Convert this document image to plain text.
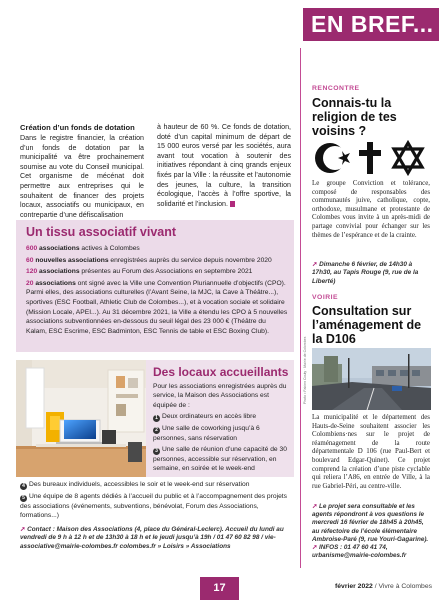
EN BREF...
Création d’un fonds de dotation

Dans le registre financier, la création d’un fonds de dotation par la municipalité va être prochainement soumise au vote du Conseil municipal. Cet organisme de mécénat doit permettre aux entreprises qui le souhaitent de financer des projets locaux, associatifs ou municipaux, en contrepartie d’une défiscalisation

à hauteur de 60 %. Ce fonds de dotation, doté d’un capital minimum de départ de 15 000 euros versé par les sociétés, aura avant tout vocation à soutenir des initiatives répondant à cinq grands enjeux fixés par la Ville : la réussite et l’autonomie des jeunes, la culture, la transition écologique, l’accès à l’offre sportive, la solidarité et l’inclusion.
Un tissu associatif vivant

600 associations actives à Colombes

60 nouvelles associations enregistrées auprès du service depuis novembre 2020

120 associations présentes au Forum des Associations en septembre 2021

20 associations ont signé avec la Ville une Convention Pluriannuelle d’objectifs (CPO). Parmi elles, des associations culturelles (l’Avant Seine, la MJC, la Cave à Théâtre...), sportives (ESC Football, Athletic Club de Colombes...), et à vocation sociale et solidaire (Mission Locale, APEI...). Au 31 décembre 2021, la Ville a étendu les CPO à 5 nouvelles associations subventionnées en-dessous du seuil légal des 23 000 € (Théâtre du Kalam, ESC Escrime, ESC Badminton, ESC Tennis de table et ESC Boxing Club).

Des locaux accueillants

Pour les associations enregistrées auprès du service, la Maison des Associations est équipée de :

1 Deux ordinateurs en accès libre

2 Une salle de coworking jusqu’à 6 personnes, sans réservation

3 Une salle de réunion d’une capacité de 30 personnes, accessible sur réservation, en semaine, en soirée et le week-end

4 Des bureaux individuels, accessibles le soir et le week-end sur réservation

5 Une équipe de 8 agents dédiés à l’accueil du public et à l’accompagnement des projets des associations (événements, subventions, bénévolat, Forum des Associations, formations...)

➚ Contact : Maison des Associations (4, place du Général-Leclerc). Accueil du lundi au vendredi de 9 h à 12 h et de 13h30 à 18 h et le jeudi jusqu’à 19h / 01 47 60 82 98 / vie-associative@mairie-colombes.fr colombes.fr » Loisirs » Associations
RENCONTRE
Connais-tu la religion de tes voisins ?
Le groupe Conviction et tolérance, composé de responsables des communautés juive, catholique, copte, orthodoxe, musulmane et protestante de Colombes vous invite à un après-midi de partage convivial pour échanger sur les thèmes de l’espérance et de la crainte.
➚ Dimanche 6 février, de 14h30 à 17h30, au Tapis Rouge (9, rue de la Liberté)
VOIRIE
Consultation sur l’aménagement de la D106
Photo • Fabien Couty · Mairie de Colombes
La municipalité et le département des Hauts-de-Seine souhaitent associer les Colombiens·nes sur le projet de réaménagement de la route départementale D 106 (rue Paul-Bert et boulevard Edgar-Quinet). Ce projet comprend la création d’une piste cyclable qui reliera l’A86, en entrée de Ville, à la rue Gabriel-Péri, au centre-ville.
➚ Le projet sera consultable et les agents répondront à vos questions le mercredi 16 février de 18h45 à 20h45, au réfectoire de l’école élémentaire Ambroise-Paré (9, rue Youri-Gagarine).
➚ INFOS : 01 47 60 41 74, urbanisme@mairie-colombes.fr
17	février 2022 / Vivre à Colombes
